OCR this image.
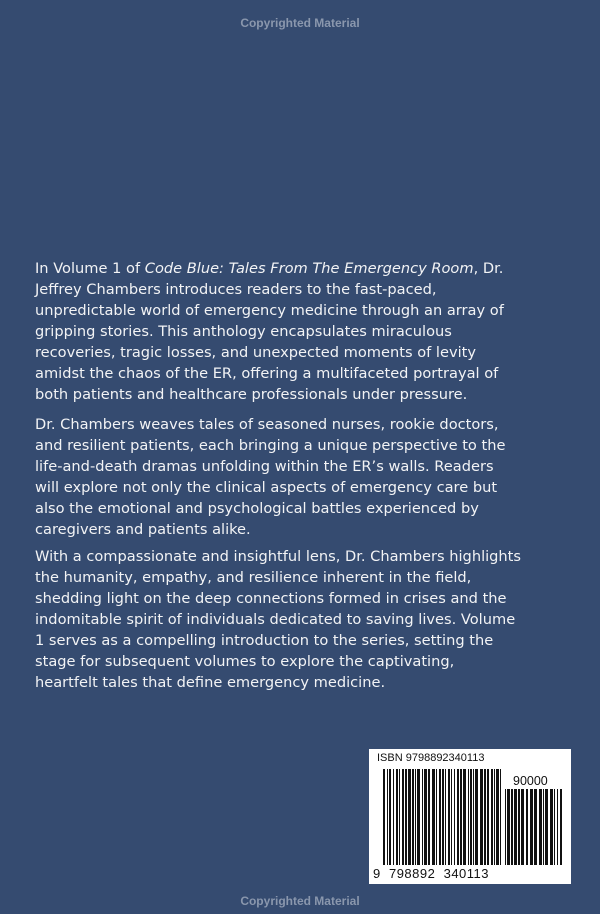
Copyrighted Material
In Volume 1 of Code Blue: Tales From The Emergency Room, Dr.
Jeffrey Chambers introduces readers to the fast-paced,
unpredictable world of emergency medicine through an array of
gripping stories. This anthology encapsulates miraculous
recoveries, tragic losses, and unexpected moments of levity
amidst the chaos of the ER, offering a multifaceted portrayal of
both patients and healthcare professionals under pressure.
Dr. Chambers weaves tales of seasoned nurses, rookie doctors,
and resilient patients, each bringing a unique perspective to the
life-and-death dramas unfolding within the ER’s walls. Readers
will explore not only the clinical aspects of emergency care but
also the emotional and psychological battles experienced by
caregivers and patients alike.
With a compassionate and insightful lens, Dr. Chambers highlights
the humanity, empathy, and resilience inherent in the field,
shedding light on the deep connections formed in crises and the
indomitable spirit of individuals dedicated to saving lives. Volume
1 serves as a compelling introduction to the series, setting the
stage for subsequent volumes to explore the captivating,
heartfelt tales that define emergency medicine.
ISBN 9798892340113
90000
9 798892 340113
Copyrighted Material
